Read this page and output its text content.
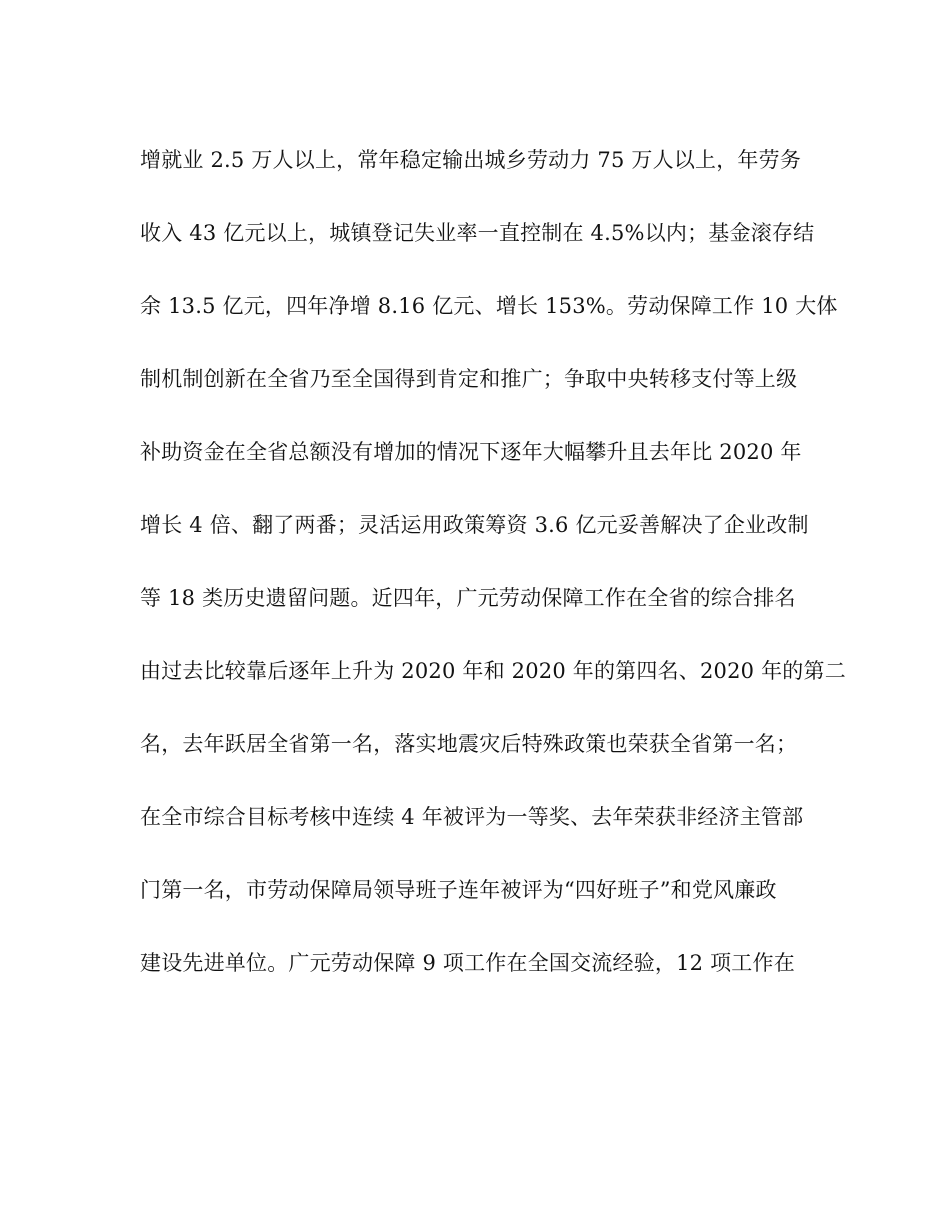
增就业 2.5 万人以上，常年稳定输出城乡劳动力 75 万人以上，年劳务
收入 43 亿元以上，城镇登记失业率一直控制在 4.5%以内；基金滚存结
余 13.5 亿元，四年净增 8.16 亿元、增长 153%。劳动保障工作 10 大体
制机制创新在全省乃至全国得到肯定和推广；争取中央转移支付等上级
补助资金在全省总额没有增加的情况下逐年大幅攀升且去年比 2020 年
增长 4 倍、翻了两番；灵活运用政策筹资 3.6 亿元妥善解决了企业改制
等 18 类历史遗留问题。近四年，广元劳动保障工作在全省的综合排名
由过去比较靠后逐年上升为 2020 年和 2020 年的第四名、2020 年的第二
名，去年跃居全省第一名，落实地震灾后特殊政策也荣获全省第一名；
在全市综合目标考核中连续 4 年被评为一等奖、去年荣获非经济主管部
门第一名，市劳动保障局领导班子连年被评为“四好班子”和党风廉政
建设先进单位。广元劳动保障 9 项工作在全国交流经验，12 项工作在
